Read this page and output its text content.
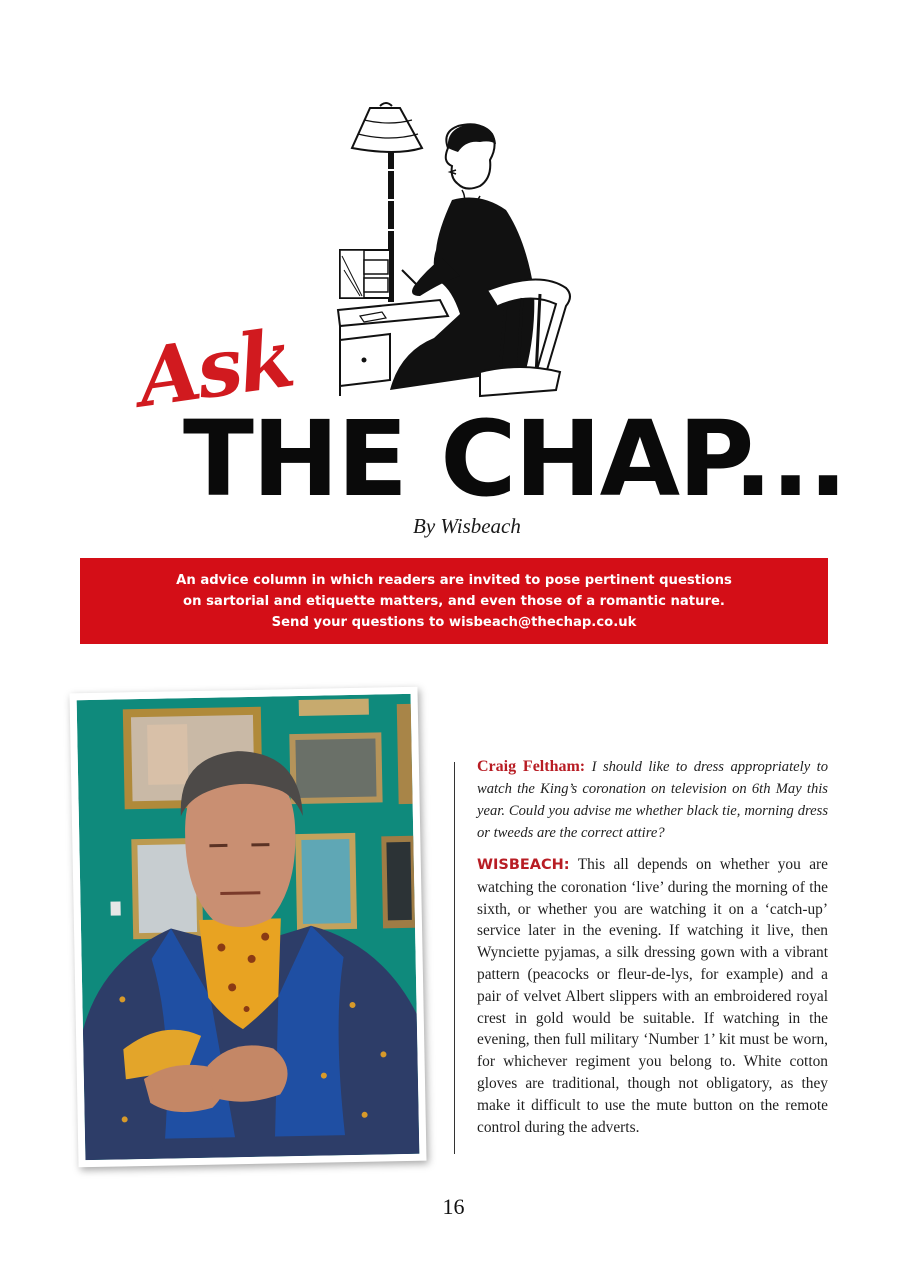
Ask
THE CHAP...
By Wisbeach
An advice column in which readers are invited to pose pertinent questions
on sartorial and etiquette matters, and even those of a romantic nature.
Send your questions to wisbeach@thechap.co.uk

Craig Feltham: I should like to dress appropriately to watch the King’s coronation on television on 6th May this year. Could you advise me whether black tie, morning dress or tweeds are the correct attire?

WISBEACH: This all depends on whether you are watching the coronation ‘live’ during the morning of the sixth, or whether you are watching it on a ‘catch-up’ service later in the evening. If watching it live, then Wynciette pyjamas, a silk dressing gown with a vibrant pattern (peacocks or fleur-de-lys, for example) and a pair of velvet Albert slippers with an embroidered royal crest in gold would be suitable. If watching in the evening, then full military ‘Number 1’ kit must be worn, for whichever regiment you belong to. White cotton gloves are traditional, though not obligatory, as they make it difficult to use the mute button on the remote control during the adverts.

16
